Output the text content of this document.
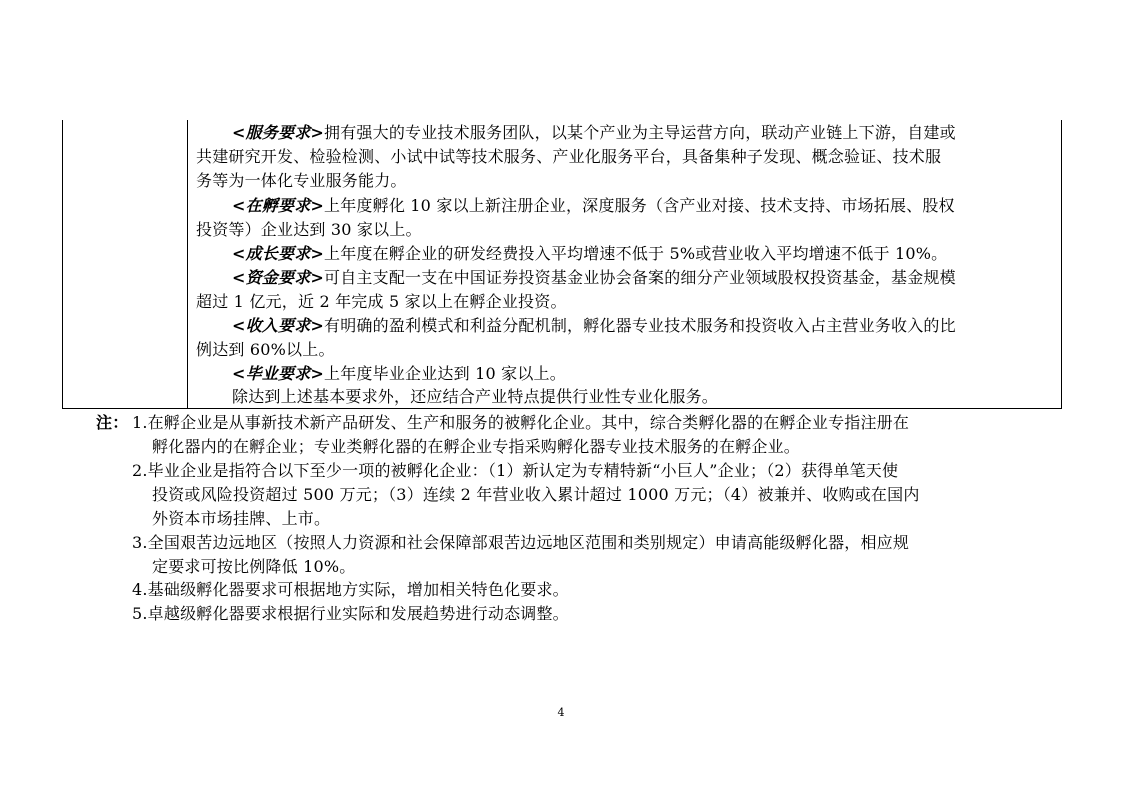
<服务要求>拥有强大的专业技术服务团队，以某个产业为主导运营方向，联动产业链上下游，自建或
共建研究开发、检验检测、小试中试等技术服务、产业化服务平台，具备集种子发现、概念验证、技术服
务等为一体化专业服务能力。
<在孵要求>上年度孵化 10 家以上新注册企业，深度服务（含产业对接、技术支持、市场拓展、股权
投资等）企业达到 30 家以上。
<成长要求>上年度在孵企业的研发经费投入平均增速不低于 5%或营业收入平均增速不低于 10%。
<资金要求>可自主支配一支在中国证券投资基金业协会备案的细分产业领域股权投资基金，基金规模
超过 1 亿元，近 2 年完成 5 家以上在孵企业投资。
<收入要求>有明确的盈利模式和利益分配机制，孵化器专业技术服务和投资收入占主营业务收入的比
例达到 60%以上。
<毕业要求>上年度毕业企业达到 10 家以上。
除达到上述基本要求外，还应结合产业特点提供行业性专业化服务。
注： 1.在孵企业是从事新技术新产品研发、生产和服务的被孵化企业。其中，综合类孵化器的在孵企业专指注册在
孵化器内的在孵企业；专业类孵化器的在孵企业专指采购孵化器专业技术服务的在孵企业。
2.毕业企业是指符合以下至少一项的被孵化企业：（1）新认定为专精特新“小巨人”企业；（2）获得单笔天使
投资或风险投资超过 500 万元；（3）连续 2 年营业收入累计超过 1000 万元；（4）被兼并、收购或在国内
外资本市场挂牌、上市。
3.全国艰苦边远地区（按照人力资源和社会保障部艰苦边远地区范围和类别规定）申请高能级孵化器，相应规
定要求可按比例降低 10%。
4.基础级孵化器要求可根据地方实际，增加相关特色化要求。
5.卓越级孵化器要求根据行业实际和发展趋势进行动态调整。
4
